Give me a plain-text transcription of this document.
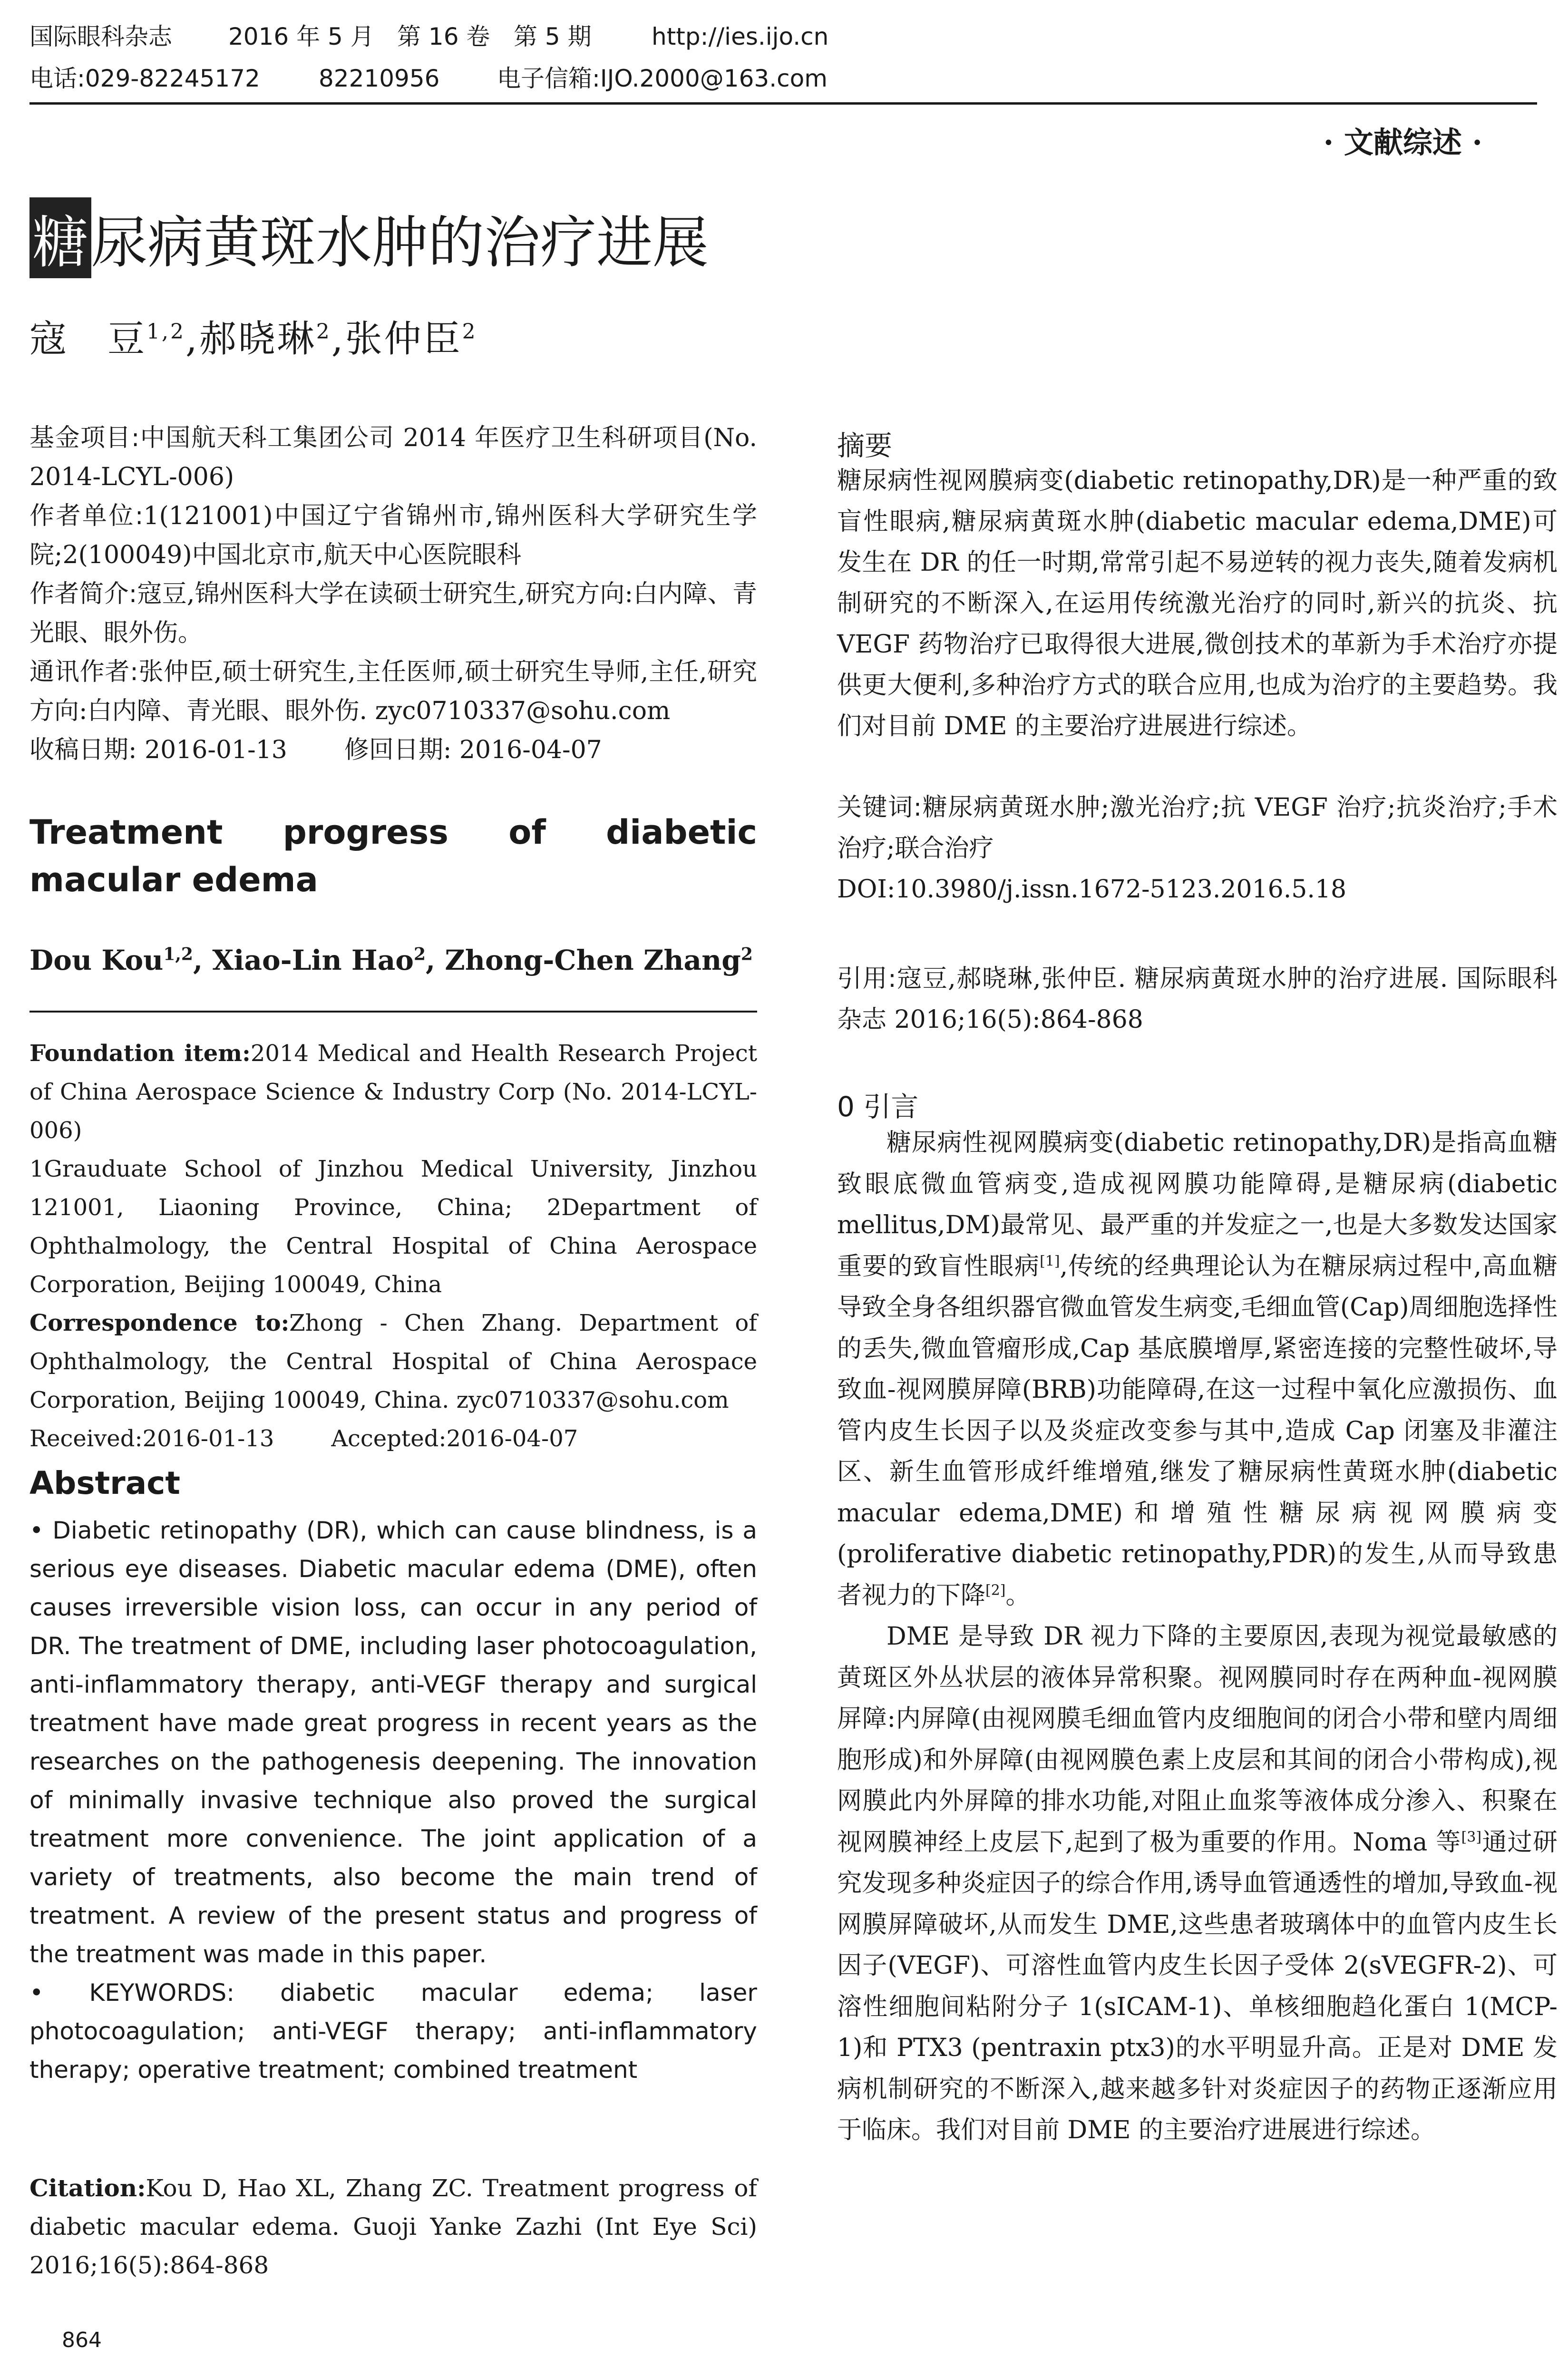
国际眼科杂志 2016 年 5 月 第 16 卷 第 5 期	http://ies.ijo.cn
电话:029-82245172 82210956 电子信箱:IJO.2000@163.com
· 文献综述 ·
糖尿病黄斑水肿的治疗进展
寇　豆$^{1,2}$,郝晓琳$^2$,张仲臣$^2$

基金项目:中国航天科工集团公司 2014 年医疗卫生科研项目(No. 2014-LCYL-006)

作者单位:1(121001)中国辽宁省锦州市,锦州医科大学研究生学院;2(100049)中国北京市,航天中心医院眼科

作者简介:寇豆,锦州医科大学在读硕士研究生,研究方向:白内障、青光眼、眼外伤。

通讯作者:张仲臣,硕士研究生,主任医师,硕士研究生导师,主任,研究方向:白内障、青光眼、眼外伤. zyc0710337@sohu.com

收稿日期: 2016-01-13 修回日期: 2016-04-07

Treatment progress of diabetic macular edema
Dou Kou$^{1,2}$, Xiao-Lin Hao$^2$, Zhong-Chen Zhang$^2$

Foundation item:2014 Medical and Health Research Project of China Aerospace Science & Industry Corp (No. 2014-LCYL-006)

1Grauduate School of Jinzhou Medical University, Jinzhou 121001, Liaoning Province, China; 2Department of Ophthalmology, the Central Hospital of China Aerospace Corporation, Beijing 100049, China

Correspondence to:Zhong - Chen Zhang. Department of Ophthalmology, the Central Hospital of China Aerospace Corporation, Beijing 100049, China. zyc0710337@sohu.com

Received:2016-01-13	Accepted:2016-04-07

Abstract

• Diabetic retinopathy (DR), which can cause blindness, is a serious eye diseases. Diabetic macular edema (DME), often causes irreversible vision loss, can occur in any period of DR. The treatment of DME, including laser photocoagulation, anti-inflammatory therapy, anti-VEGF therapy and surgical treatment have made great progress in recent years as the researches on the pathogenesis deepening. The innovation of minimally invasive technique also proved the surgical treatment more convenience. The joint application of a variety of treatments, also become the main trend of treatment. A review of the present status and progress of the treatment was made in this paper.

• KEYWORDS: diabetic macular edema; laser photocoagulation; anti-VEGF therapy; anti-inflammatory therapy; operative treatment; combined treatment

Citation:Kou D, Hao XL, Zhang ZC. Treatment progress of diabetic macular edema. Guoji Yanke Zazhi (Int Eye Sci) 2016;16(5):864-868

864
摘要

糖尿病性视网膜病变(diabetic retinopathy,DR)是一种严重的致盲性眼病,糖尿病黄斑水肿(diabetic macular edema,DME)可发生在 DR 的任一时期,常常引起不易逆转的视力丧失,随着发病机制研究的不断深入,在运用传统激光治疗的同时,新兴的抗炎、抗 VEGF 药物治疗已取得很大进展,微创技术的革新为手术治疗亦提供更大便利,多种治疗方式的联合应用,也成为治疗的主要趋势。我们对目前 DME 的主要治疗进展进行综述。

关键词:糖尿病黄斑水肿;激光治疗;抗 VEGF 治疗;抗炎治疗;手术治疗;联合治疗

DOI:10.3980/j.issn.1672-5123.2016.5.18

引用:寇豆,郝晓琳,张仲臣. 糖尿病黄斑水肿的治疗进展. 国际眼科杂志 2016;16(5):864-868

0 引言

糖尿病性视网膜病变(diabetic retinopathy,DR)是指高血糖致眼底微血管病变,造成视网膜功能障碍,是糖尿病(diabetic mellitus,DM)最常见、最严重的并发症之一,也是大多数发达国家重要的致盲性眼病[1],传统的经典理论认为在糖尿病过程中,高血糖导致全身各组织器官微血管发生病变,毛细血管(Cap)周细胞选择性的丢失,微血管瘤形成,Cap 基底膜增厚,紧密连接的完整性破坏,导致血-视网膜屏障(BRB)功能障碍,在这一过程中氧化应激损伤、血管内皮生长因子以及炎症改变参与其中,造成 Cap 闭塞及非灌注区、新生血管形成纤维增殖,继发了糖尿病性黄斑水肿(diabetic macular edema,DME)和增殖性糖尿病视网膜病变(proliferative diabetic retinopathy,PDR)的发生,从而导致患者视力的下降[2]。

DME 是导致 DR 视力下降的主要原因,表现为视觉最敏感的黄斑区外丛状层的液体异常积聚。视网膜同时存在两种血-视网膜屏障:内屏障(由视网膜毛细血管内皮细胞间的闭合小带和壁内周细胞形成)和外屏障(由视网膜色素上皮层和其间的闭合小带构成),视网膜此内外屏障的排水功能,对阻止血浆等液体成分渗入、积聚在视网膜神经上皮层下,起到了极为重要的作用。Noma 等[3]通过研究发现多种炎症因子的综合作用,诱导血管通透性的增加,导致血-视网膜屏障破坏,从而发生 DME,这些患者玻璃体中的血管内皮生长因子(VEGF)、可溶性血管内皮生长因子受体 2(sVEGFR-2)、可溶性细胞间粘附分子 1(sICAM-1)、单核细胞趋化蛋白 1(MCP-1)和 PTX3 (pentraxin ptx3)的水平明显升高。正是对 DME 发病机制研究的不断深入,越来越多针对炎症因子的药物正逐渐应用于临床。我们对目前 DME 的主要治疗进展进行综述。
